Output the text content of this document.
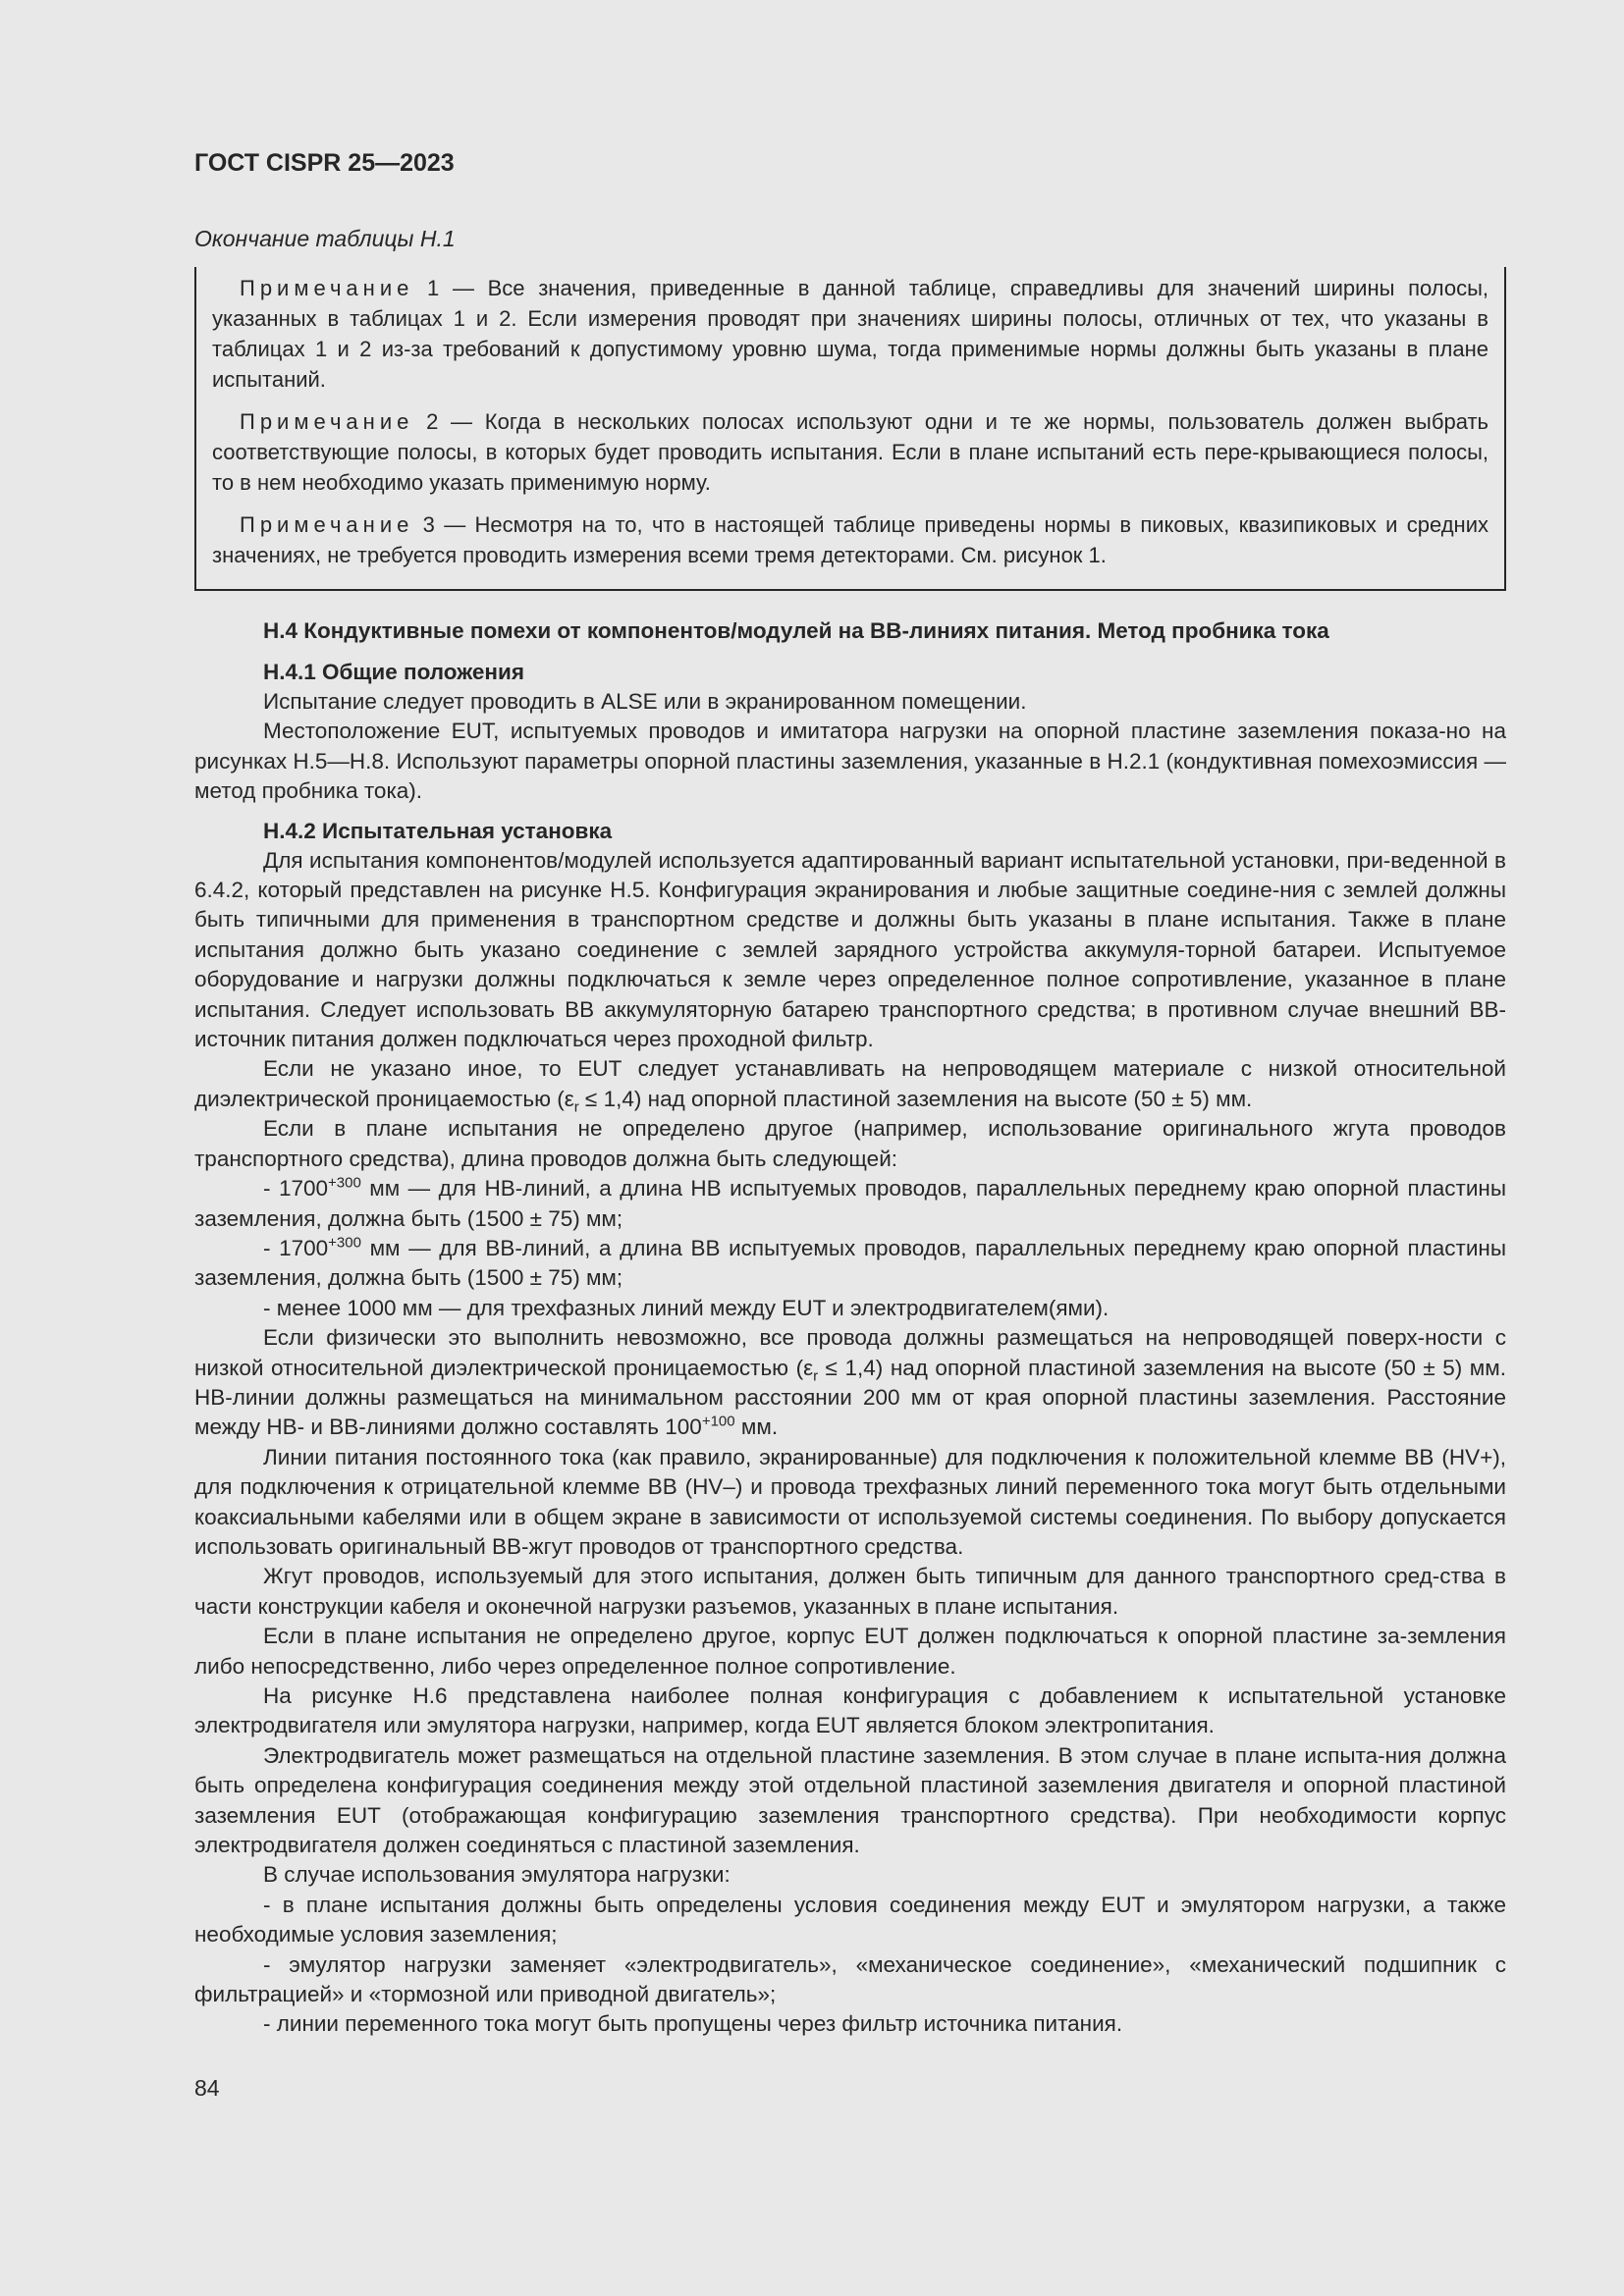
ГОСТ CISPR 25—2023
Окончание таблицы Н.1

Примечание 1 — Все значения, приведенные в данной таблице, справедливы для значений ширины полосы, указанных в таблицах 1 и 2. Если измерения проводят при значениях ширины полосы, отличных от тех, что указаны в таблицах 1 и 2 из-за требований к допустимому уровню шума, тогда применимые нормы должны быть указаны в плане испытаний.

Примечание 2 — Когда в нескольких полосах используют одни и те же нормы, пользователь должен выбрать соответствующие полосы, в которых будет проводить испытания. Если в плане испытаний есть пере-крывающиеся полосы, то в нем необходимо указать применимую норму.

Примечание 3 — Несмотря на то, что в настоящей таблице приведены нормы в пиковых, квазипиковых и средних значениях, не требуется проводить измерения всеми тремя детекторами. См. рисунок 1.

Н.4 Кондуктивные помехи от компонентов/модулей на ВВ-линиях питания. Метод пробника тока
Н.4.1 Общие положения

Испытание следует проводить в ALSE или в экранированном помещении.

Местоположение EUT, испытуемых проводов и имитатора нагрузки на опорной пластине заземления показа-но на рисунках Н.5—Н.8. Используют параметры опорной пластины заземления, указанные в Н.2.1 (кондуктивная помехоэмиссия — метод пробника тока).

Н.4.2 Испытательная установка

Для испытания компонентов/модулей используется адаптированный вариант испытательной установки, при-веденной в 6.4.2, который представлен на рисунке Н.5. Конфигурация экранирования и любые защитные соедине-ния с землей должны быть типичными для применения в транспортном средстве и должны быть указаны в плане испытания. Также в плане испытания должно быть указано соединение с землей зарядного устройства аккумуля-торной батареи. Испытуемое оборудование и нагрузки должны подключаться к земле через определенное полное сопротивление, указанное в плане испытания. Следует использовать ВВ аккумуляторную батарею транспортного средства; в противном случае внешний ВВ-источник питания должен подключаться через проходной фильтр.

Если не указано иное, то EUT следует устанавливать на непроводящем материале с низкой относительной диэлектрической проницаемостью $(\varepsilon_r \le 1,4)$ над опорной пластиной заземления на высоте (50 ± 5) мм.

Если в плане испытания не определено другое (например, использование оригинального жгута проводов транспортного средства), длина проводов должна быть следующей:

- $1700^{+300}$ мм — для НВ-линий, а длина НВ испытуемых проводов, параллельных переднему краю опорной пластины заземления, должна быть (1500 ± 75) мм;

- $1700^{+300}$ мм — для ВВ-линий, а длина ВВ испытуемых проводов, параллельных переднему краю опорной пластины заземления, должна быть (1500 ± 75) мм;

- менее 1000 мм — для трехфазных линий между EUT и электродвигателем(ями).

Если физически это выполнить невозможно, все провода должны размещаться на непроводящей поверх-ности с низкой относительной диэлектрической проницаемостью $(\varepsilon_r \le 1,4)$ над опорной пластиной заземления на высоте (50 ± 5) мм. НВ-линии должны размещаться на минимальном расстоянии 200 мм от края опорной пластины заземления. Расстояние между НВ- и ВВ-линиями должно составлять $100^{+100}$ мм.

Линии питания постоянного тока (как правило, экранированные) для подключения к положительной клемме ВВ (HV+), для подключения к отрицательной клемме ВВ (HV–) и провода трехфазных линий переменного тока могут быть отдельными коаксиальными кабелями или в общем экране в зависимости от используемой системы соединения. По выбору допускается использовать оригинальный ВВ-жгут проводов от транспортного средства.

Жгут проводов, используемый для этого испытания, должен быть типичным для данного транспортного сред-ства в части конструкции кабеля и оконечной нагрузки разъемов, указанных в плане испытания.

Если в плане испытания не определено другое, корпус EUT должен подключаться к опорной пластине за-земления либо непосредственно, либо через определенное полное сопротивление.

На рисунке Н.6 представлена наиболее полная конфигурация с добавлением к испытательной установке электродвигателя или эмулятора нагрузки, например, когда EUT является блоком электропитания.

Электродвигатель может размещаться на отдельной пластине заземления. В этом случае в плане испыта-ния должна быть определена конфигурация соединения между этой отдельной пластиной заземления двигателя и опорной пластиной заземления EUT (отображающая конфигурацию заземления транспортного средства). При необходимости корпус электродвигателя должен соединяться с пластиной заземления.

В случае использования эмулятора нагрузки:

- в плане испытания должны быть определены условия соединения между EUT и эмулятором нагрузки, а также необходимые условия заземления;

- эмулятор нагрузки заменяет «электродвигатель», «механическое соединение», «механический подшипник с фильтрацией» и «тормозной или приводной двигатель»;

- линии переменного тока могут быть пропущены через фильтр источника питания.

84
